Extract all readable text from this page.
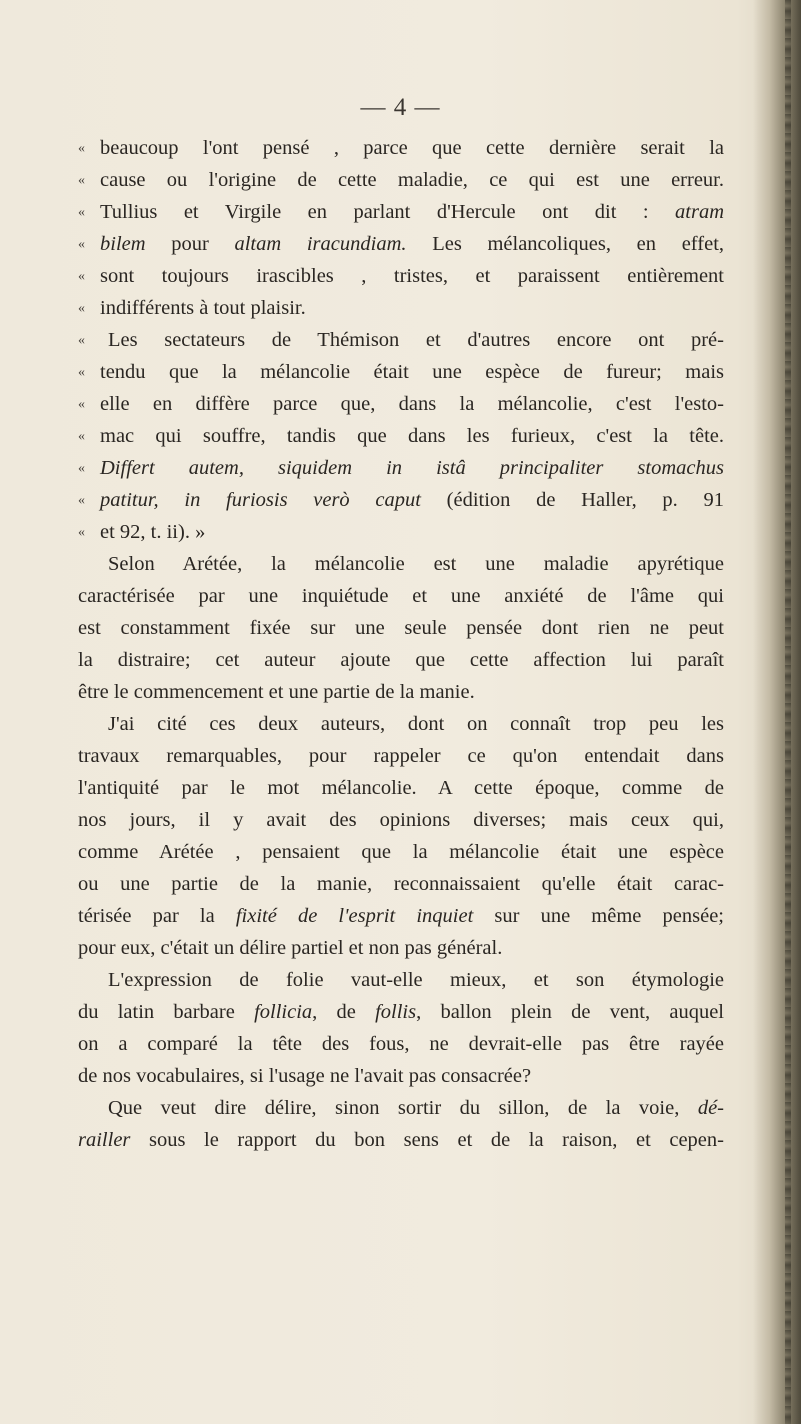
— 4 —
« beaucoup l'ont pensé , parce que cette dernière serait la
« cause ou l'origine de cette maladie, ce qui est une erreur.
« Tullius et Virgile en parlant d'Hercule ont dit : atram
« bilem pour altam iracundiam. Les mélancoliques, en effet,
« sont toujours irascibles , tristes, et paraissent entièrement
« indifférents à tout plaisir.
« Les sectateurs de Thémison et d'autres encore ont pré-
« tendu que la mélancolie était une espèce de fureur; mais
« elle en diffère parce que, dans la mélancolie, c'est l'esto-
« mac qui souffre, tandis que dans les furieux, c'est la tête.
« Differt autem, siquidem in istâ principaliter stomachus
« patitur, in furiosis verò caput (édition de Haller, p. 91
« et 92, t. ii). »
Selon Arétée, la mélancolie est une maladie apyrétique
caractérisée par une inquiétude et une anxiété de l'âme qui
est constamment fixée sur une seule pensée dont rien ne peut
la distraire; cet auteur ajoute que cette affection lui paraît
être le commencement et une partie de la manie.
J'ai cité ces deux auteurs, dont on connaît trop peu les
travaux remarquables, pour rappeler ce qu'on entendait dans
l'antiquité par le mot mélancolie. A cette époque, comme de
nos jours, il y avait des opinions diverses; mais ceux qui,
comme Arétée , pensaient que la mélancolie était une espèce
ou une partie de la manie, reconnaissaient qu'elle était carac-
térisée par la fixité de l'esprit inquiet sur une même pensée;
pour eux, c'était un délire partiel et non pas général.
L'expression de folie vaut-elle mieux, et son étymologie
du latin barbare follicia, de follis, ballon plein de vent, auquel
on a comparé la tête des fous, ne devrait-elle pas être rayée
de nos vocabulaires, si l'usage ne l'avait pas consacrée?
Que veut dire délire, sinon sortir du sillon, de la voie, dé-
railler sous le rapport du bon sens et de la raison, et cepen-
